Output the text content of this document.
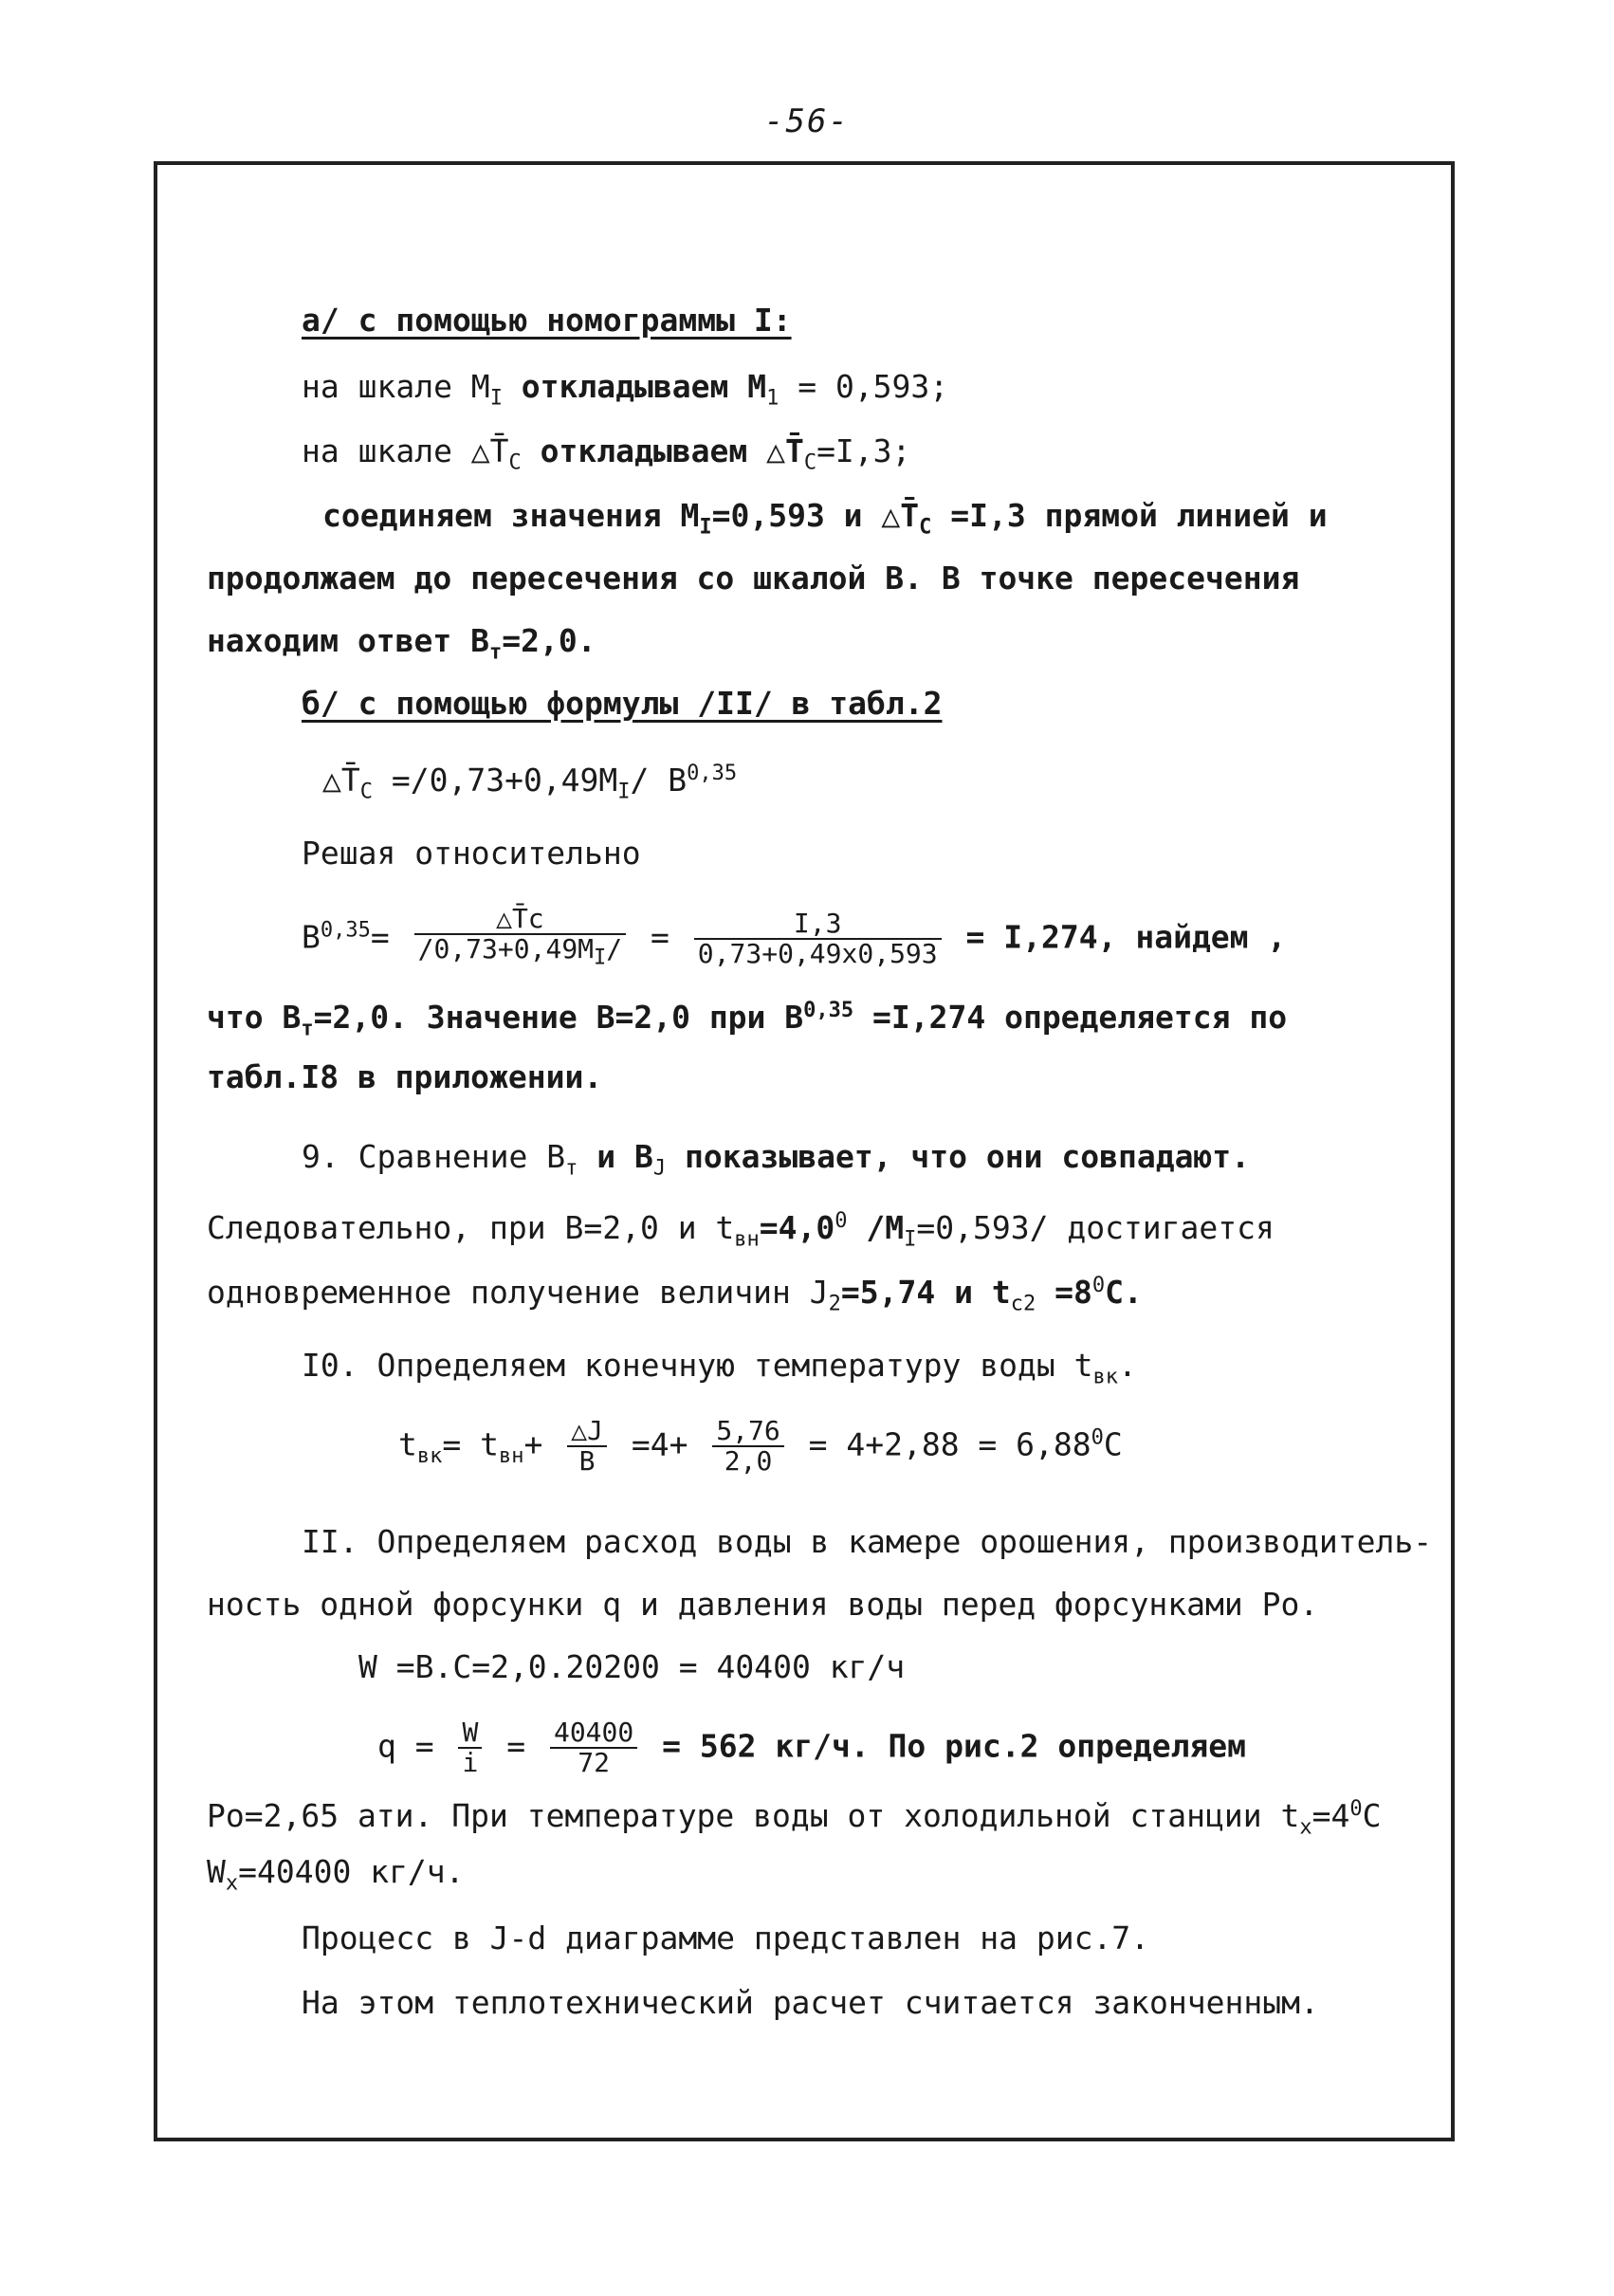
-56-
а/ с помощью номограммы I:
на шкале $M_I$ откладываем $M_1 = 0,593$;
на шкале $\triangle T̄_C$ откладываем $\triangle T̄_C=I,3$;
соединяем значения $M_I=0,593$ и $\triangle T̄_C =I,3$ прямой линией и
продолжаем до пересечения со шкалой B. В точке пересечения
находим ответ $B_т=2,0$.
б/ с помощью формулы /II/ в табл.2
$\triangle T̄_C =/0,73+0,49M_I/$ B$^{0,35}$
Решая относительно
$B^{0,35}= \frac{\triangle T̄c}{/0,73+0,49M_I/} = \frac{I,3}{0,73+0,49x0,593} = I,274$, найдем ,
что $B_т=2,0$. Значение B=2,0 при B$^{0,35}$ =I,274 определяется по
табл.I8 в приложении.
9. Сравнение $B_т$ и $B_J$ показывает, что они совпадают.
Следовательно, при B=2,0 и $t_{вн}=4,0^0$ $/M_I=0,593/$ достигается
одновременное получение величин $J_2=5,74$ и $t_{c2} =8^0C$.
I0. Определяем конечную температуру воды $t_{вк}$.
$t_{вк}= t_{вн}+ \frac{\triangle J}{B} =4+ \frac{5,76}{2,0} = 4+2,88 = 6,88^0C$
II. Определяем расход воды в камере орошения, производитель-
ность одной форсунки q и давления воды перед форсунками Po.
W =B.C=2,0.20200 = 40400 кг/ч
$q = \frac{W}{i} = \frac{40400}{72} = 562$ кг/ч. По рис.2 определяем
Po=2,65 ати. При температуре воды от холодильной станции $t_x=4^0C$
$W_x=40400$ кг/ч.
Процесс в J-d диаграмме представлен на рис.7.
На этом теплотехнический расчет считается законченным.
